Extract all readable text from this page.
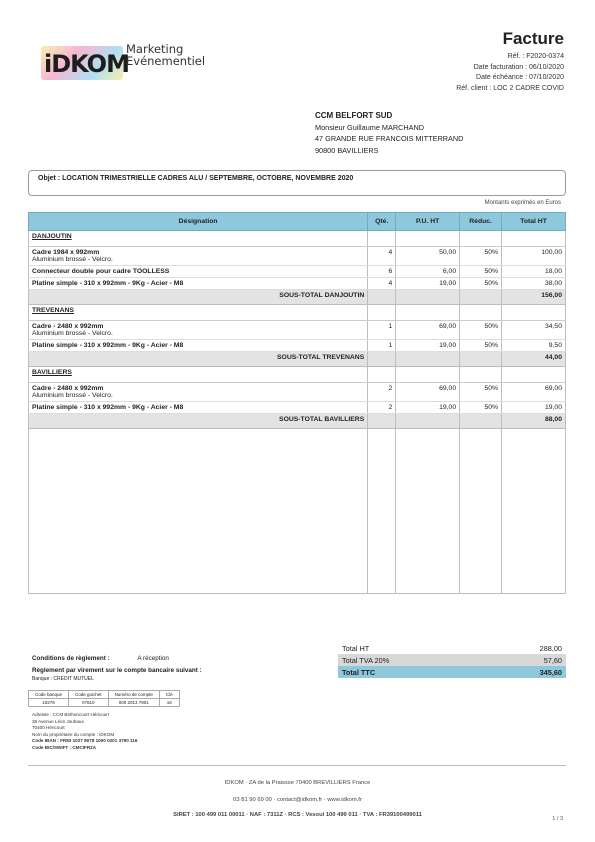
iDKOM
Marketing
Evénementiel
Facture
Réf. : F2020-0374
Date facturation : 06/10/2020
Date échéance : 07/10/2020
Réf. client : LOC 2 CADRE COVID
CCM BELFORT SUD
Monsieur Guillaume MARCHAND
47 GRANDE RUE FRANCOIS MITTERRAND
90800 BAVILLIERS
Objet : LOCATION TRIMESTRIELLE CADRES ALU / SEPTEMBRE, OCTOBRE, NOVEMBRE 2020
Montants exprimés en Euros
Désignation	Qté.	P.U. HT	Réduc.	Total HT
DANJOUTIN				
Cadre 1984 x 992mm
Aluminium brossé - Velcro.	4	50,00	50%	100,00
Connecteur double pour cadre TOOLLESS	6	6,00	50%	18,00
Platine simple - 310 x 992mm - 9Kg - Acier - M8	4	19,00	50%	38,00
SOUS-TOTAL DANJOUTIN				156,00
TREVENANS				
Cadre - 2480 x 992mm
Aluminium brossé - Velcro.	1	69,00	50%	34,50
Platine simple - 310 x 992mm - 9Kg - Acier - M8	1	19,00	50%	9,50
SOUS-TOTAL TREVENANS				44,00
BAVILLIERS				
Cadre - 2480 x 992mm
Aluminium brossé - Velcro.	2	69,00	50%	69,00
Platine simple - 310 x 992mm - 9Kg - Acier - M8	2	19,00	50%	19,00
SOUS-TOTAL BAVILLIERS				88,00

Total HT	288,00
Total TVA 20%	57,60
Total TTC	345,60
Conditions de règlement :	A réception
Règlement par virement sur le compte bancaire suivant :
Banque : CREDIT MUTUEL
Code banque	Code guichet	Numéro de compte	Clé
10278	07810	000 2013 7901	16
Adresse : CCM Bethoncourt Héricourt
38 Avenue Léon Jouhaux
70400 Héricourt
Nom du propriétaire du compte : IDKOM
Code IBAN : FR83 1027 8078 1000 0201 3790 116
Code BIC/SWIFT : CMCIFR2A
IDKOM · ZA de la Praissse 70400 BREVILLIERS France
03 81 90 69 00 · contact@idkom.fr · www.idkom.fr
SIRET : 100 499 011 00011 · NAF : 7311Z · RCS : Vesoul 100 499 011 · TVA : FR39100499011
1 / 3
